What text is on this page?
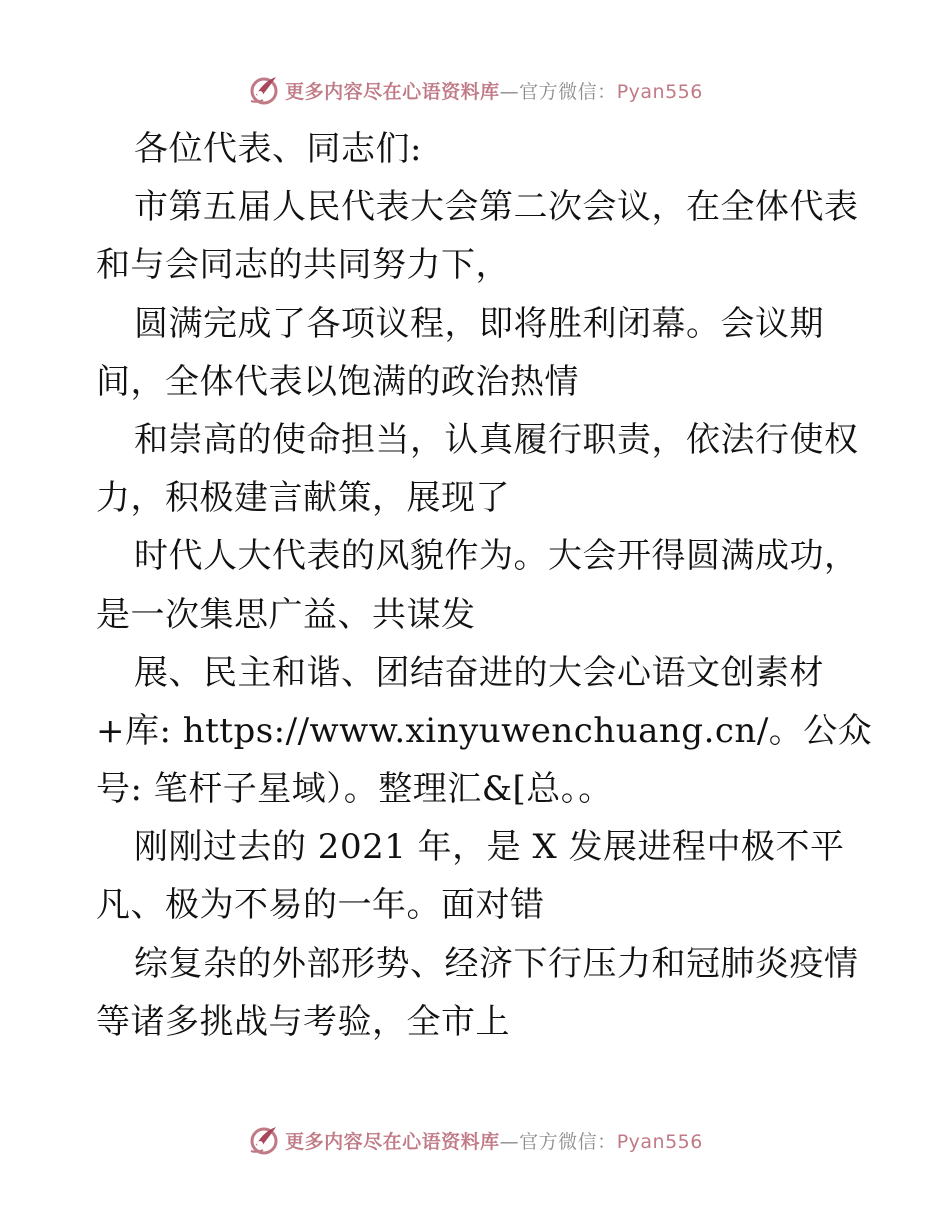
更多内容尽在心语资料库—官方微信：Pyan556
各位代表、同志们:
市第五届人民代表大会第二次会议，在全体代表
和与会同志的共同努力下，
圆满完成了各项议程，即将胜利闭幕。会议期
间，全体代表以饱满的政治热情
和崇高的使命担当，认真履行职责，依法行使权
力，积极建言献策，展现了
时代人大代表的风貌作为。大会开得圆满成功，
是一次集思广益、共谋发
展、民主和谐、团结奋进的大会心语文创素材
+库: https://www.xinyuwenchuang.cn/。公众
号: 笔杆子星域）。整理汇&[总。。
刚刚过去的 2021 年，是 X 发展进程中极不平
凡、极为不易的一年。面对错
综复杂的外部形势、经济下行压力和冠肺炎疫情
等诸多挑战与考验，全市上
更多内容尽在心语资料库—官方微信：Pyan556
